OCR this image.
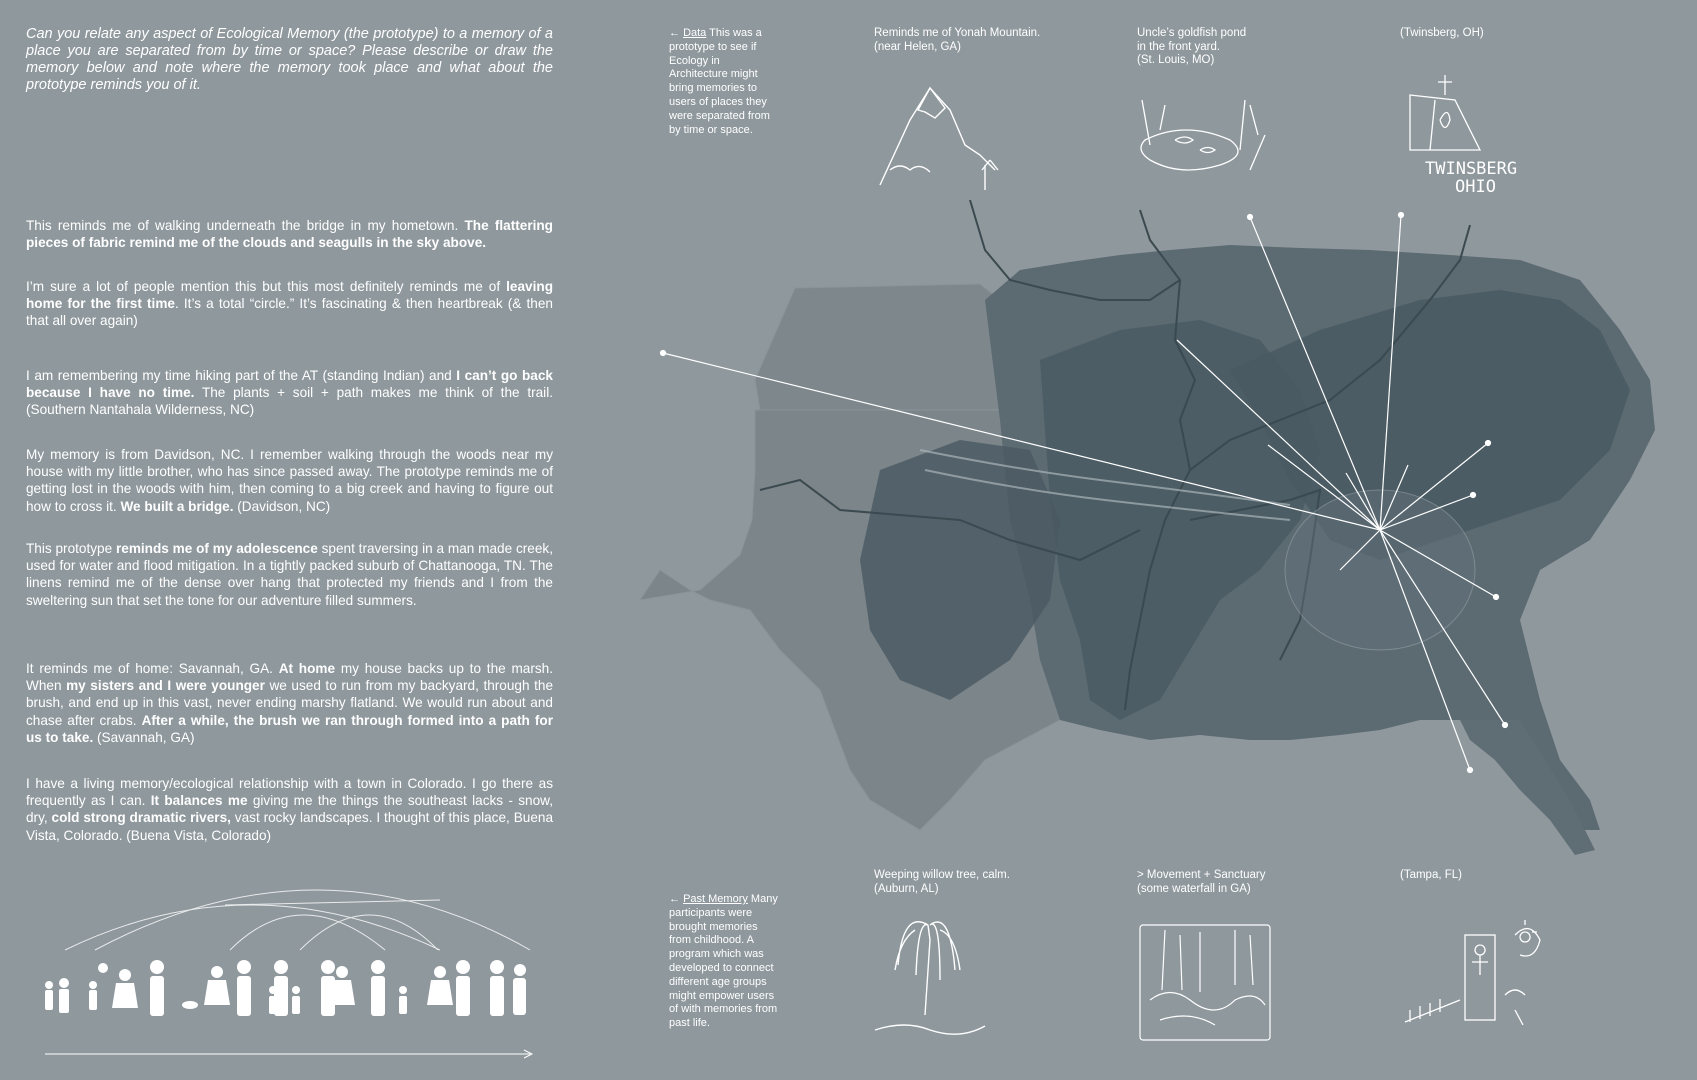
Can you relate any aspect of Ecological Memory (the prototype) to a memory of a place you are separated from by time or space? Please describe or draw the memory below and note where the memory took place and what about the prototype reminds you of it.
This reminds me of walking underneath the bridge in my hometown. The flattering pieces of fabric remind me of the clouds and seagulls in the sky above.
I’m sure a lot of people mention this but this most definitely reminds me of leaving home for the first time. It’s a total “circle.” It’s fascinating & then heartbreak (& then that all over again)
I am remembering my time hiking part of the AT (standing Indian) and I can’t go back because I have no time. The plants + soil + path makes me think of the trail. (Southern Nantahala Wilderness, NC)
My memory is from Davidson, NC. I remember walking through the woods near my house with my little brother, who has since passed away. The prototype reminds me of getting lost in the woods with him, then coming to a big creek and having to figure out how to cross it. We built a bridge. (Davidson, NC)
This prototype reminds me of my adolescence spent traversing in a man made creek, used for water and flood mitigation. In a tightly packed suburb of Chattanooga, TN. The linens remind me of the dense over hang that protected my friends and I from the sweltering sun that set the tone for our adventure filled summers.
It reminds me of home: Savannah, GA. At home my house backs up to the marsh. When my sisters and I were younger we used to run from my backyard, through the brush, and end up in this vast, never ending marshy flatland. We would run about and chase after crabs. After a while, the brush we ran through formed into a path for us to take. (Savannah, GA)
I have a living memory/ecological relationship with a town in Colorado. I go there as frequently as I can. It balances me giving me the things the southeast lacks - snow, dry, cold strong dramatic rivers, vast rocky landscapes. I thought of this place, Buena Vista, Colorado. (Buena Vista, Colorado)
← Data This was a prototype to see if Ecology in Architecture might bring memories to users of places they were separated from by time or space.
← Past Memory Many participants were brought memories from childhood. A program which was developed to connect different age groups might empower users of with memories from past life.
Reminds me of Yonah Mountain.
(near Helen, GA)
Uncle’s goldfish pond
in the front yard.
(St. Louis, MO)
(Twinsberg, OH)
Weeping willow tree, calm.
(Auburn, AL)
> Movement + Sanctuary
(some waterfall in GA)
(Tampa, FL)
TWINSBERG
OHIO
